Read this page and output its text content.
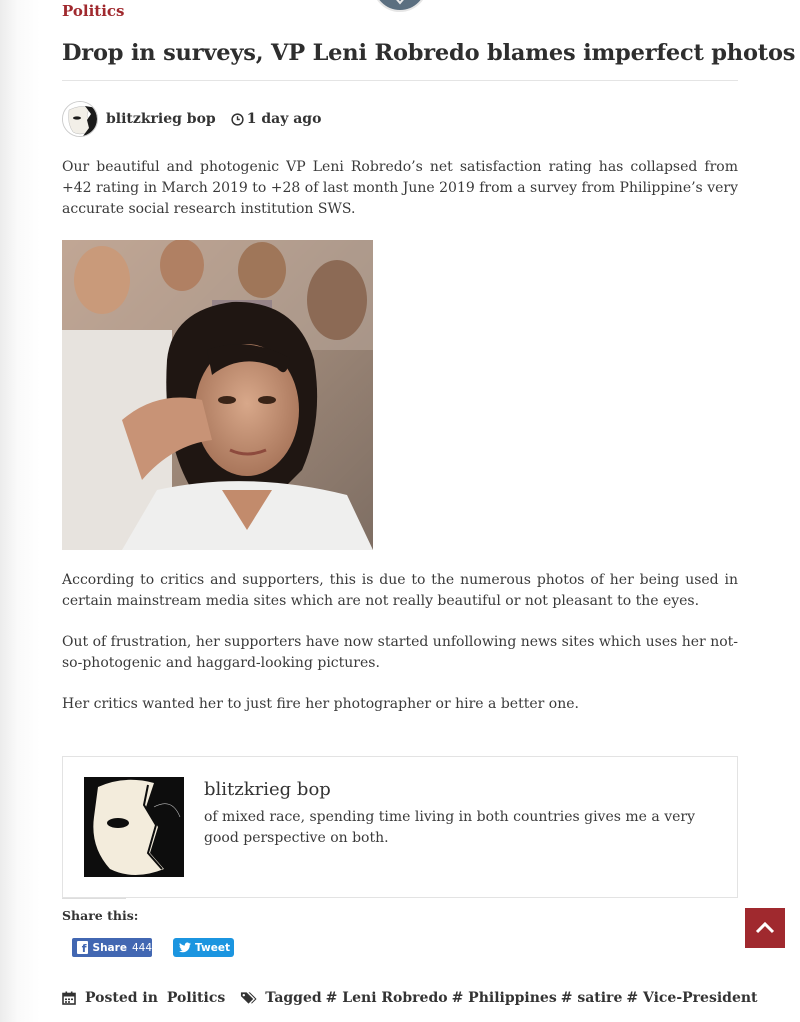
Politics
Drop in surveys, VP Leni Robredo blames imperfect photos
blitzkrieg bop 1 day ago

Our beautiful and photogenic VP Leni Robredo’s net satisfaction rating has collapsed from +42 rating in March 2019 to +28 of last month June 2019 from a survey from Philippine’s very accurate social research institution SWS.

According to critics and supporters, this is due to the numerous photos of her being used in certain mainstream media sites which are not really beautiful or not pleasant to the eyes.

Out of frustration, her supporters have now started unfollowing news sites which uses her not-so-photogenic and haggard-looking pictures.

Her critics wanted her to just fire her photographer or hire a better one.

blitzkrieg bop
of mixed race, spending time living in both countries gives me a very good perspective on both.
Share this:
f Share 444	Tweet
Posted in Politics	Tagged # Leni Robredo # Philippines # satire # Vice-President
